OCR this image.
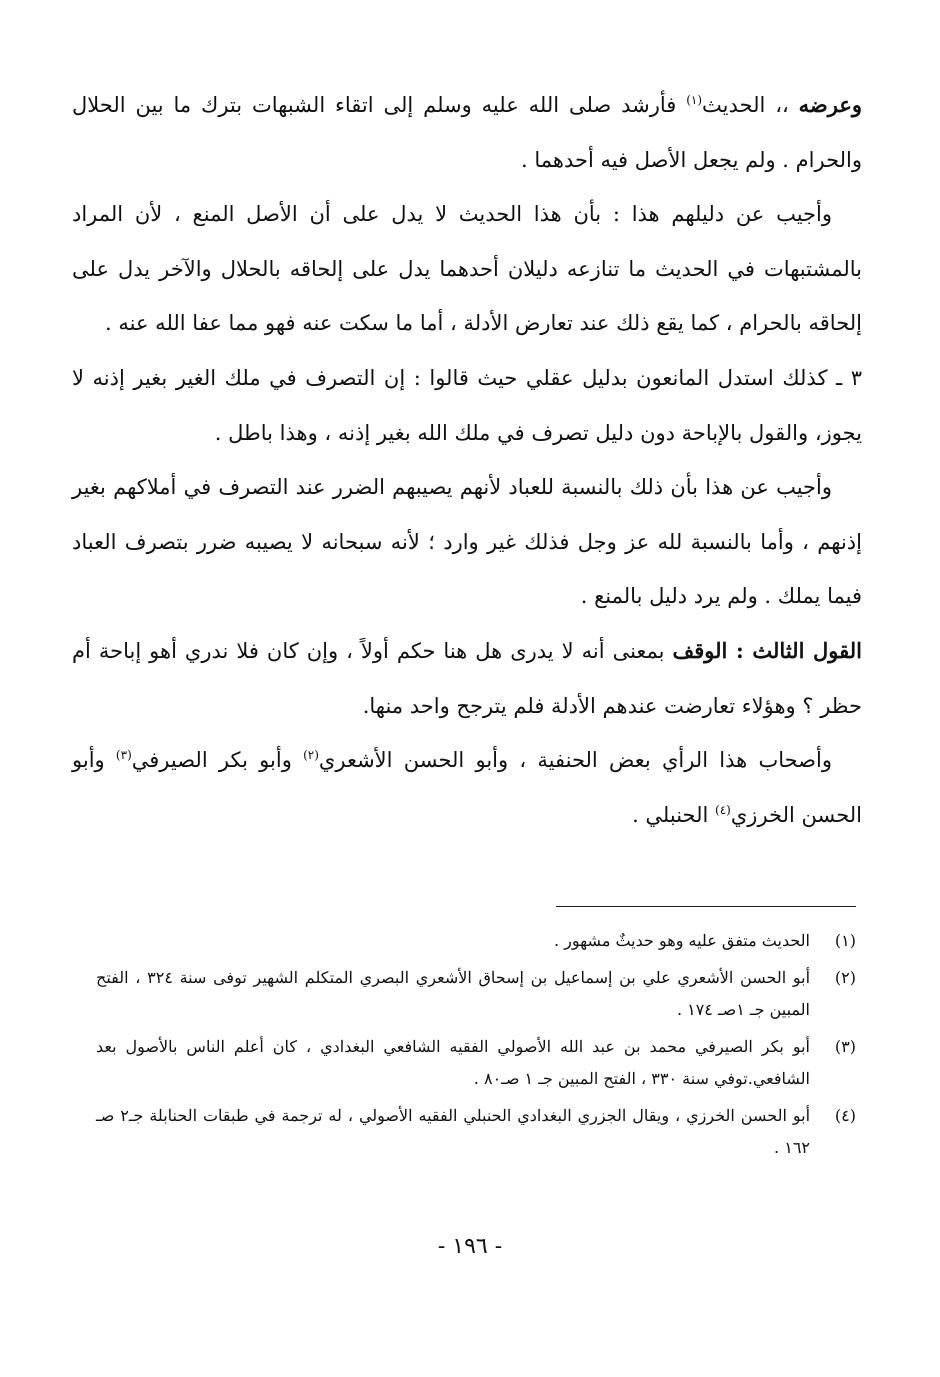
وعرضه ،، الحديث$^{(١)}$ فأرشد صلى الله عليه وسلم إلى اتقاء الشبهات بترك ما بين الحلال والحرام . ولم يجعل الأصل فيه أحدهما .

وأجيب عن دليلهم هذا : بأن هذا الحديث لا يدل على أن الأصل المنع ، لأن المراد بالمشتبهات في الحديث ما تنازعه دليلان أحدهما يدل على إلحاقه بالحلال والآخر يدل على إلحاقه بالحرام ، كما يقع ذلك عند تعارض الأدلة ، أما ما سكت عنه فهو مما عفا الله عنه .

٣ ـ كذلك استدل المانعون بدليل عقلي حيث قالوا : إن التصرف في ملك الغير بغير إذنه لا يجوز، والقول بالإباحة دون دليل تصرف في ملك الله بغير إذنه ، وهذا باطل .

وأجيب عن هذا بأن ذلك بالنسبة للعباد لأنهم يصيبهم الضرر عند التصرف في أملاكهم بغير إذنهم ، وأما بالنسبة لله عز وجل فذلك غير وارد ؛ لأنه سبحانه لا يصيبه ضرر بتصرف العباد فيما يملك . ولم يرد دليل بالمنع .

القول الثالث : الوقف بمعنى أنه لا يدرى هل هنا حكم أولاً ، وإن كان فلا ندري أهو إباحة أم حظر ؟ وهؤلاء تعارضت عندهم الأدلة فلم يترجح واحد منها.

وأصحاب هذا الرأي بعض الحنفية ، وأبو الحسن الأشعري$^{(٢)}$ وأبو بكر الصيرفي$^{(٣)}$ وأبو الحسن الخرزي$^{(٤)}$ الحنبلي .

(١)
الحديث متفق عليه وهو حديثٌ مشهور .
(٢)
أبو الحسن الأشعري علي بن إسماعيل بن إسحاق الأشعري البصري المتكلم الشهير توفى سنة ٣٢٤ ، الفتح المبين جـ ١صـ ١٧٤ .
(٣)
أبو بكر الصيرفي محمد بن عبد الله الأصولي الفقيه الشافعي البغدادي ، كان أعلم الناس بالأصول بعد الشافعي.توفي سنة ٣٣٠ ، الفتح المبين جـ ١ صـ٨٠ .
(٤)
أبو الحسن الخرزي ، ويقال الجزري البغدادي الحنبلي الفقيه الأصولي ، له ترجمة في طبقات الحنابلة جـ٢ صـ ١٦٢ .
- ١٩٦ -
